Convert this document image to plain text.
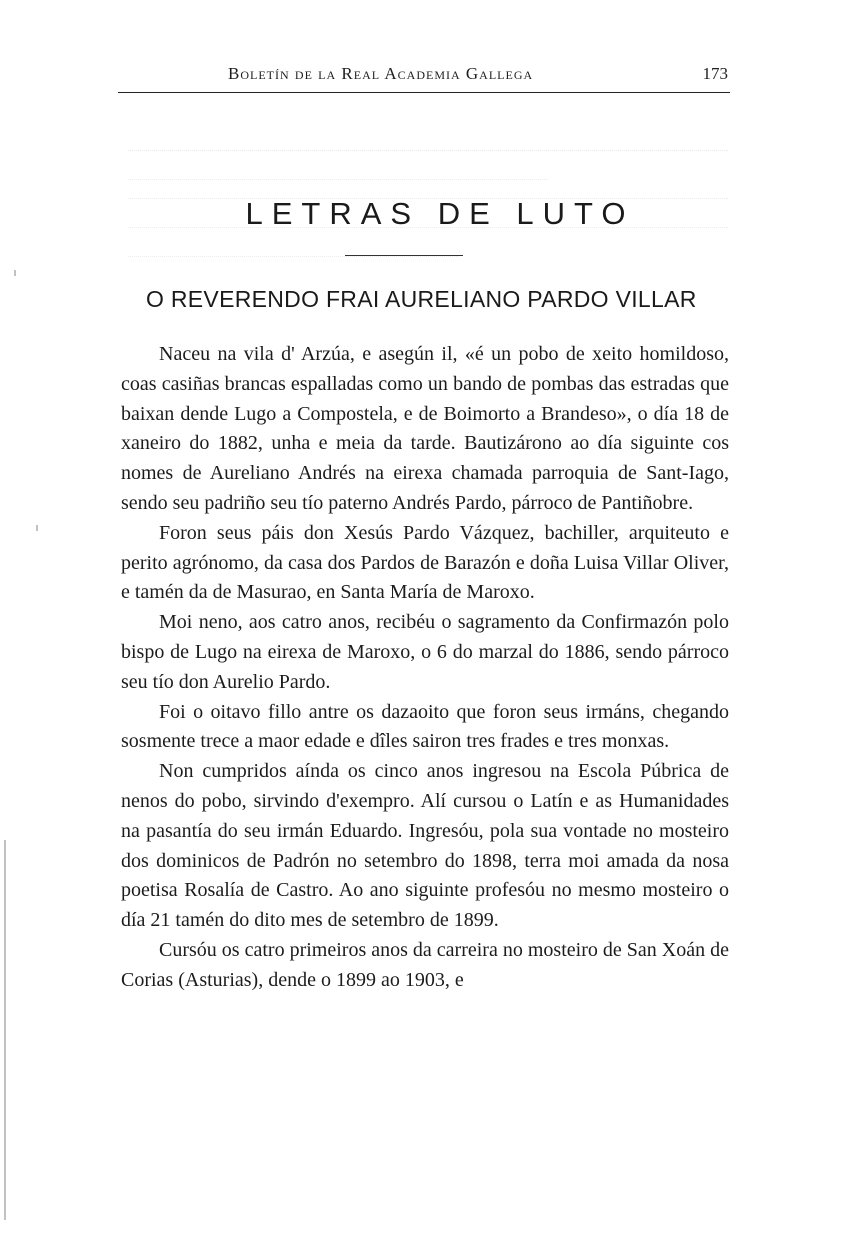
Boletín de la Real Academia Gallega	173
LETRAS DE LUTO
O REVERENDO FRAI AURELIANO PARDO VILLAR

Naceu na vila d' Arzúa, e asegún il, «é un pobo de xeito homildoso, coas casiñas brancas espalladas como un bando de pombas das estradas que baixan dende Lugo a Compostela, e de Boimorto a Brandeso», o día 18 de xaneiro do 1882, unha e meia da tarde. Bautizárono ao día siguinte cos nomes de Aureliano Andrés na eirexa chamada parroquia de Sant-Iago, sendo seu padriño seu tío paterno Andrés Pardo, párroco de Pantiñobre.

Foron seus páis don Xesús Pardo Vázquez, bachiller, arquiteuto e perito agrónomo, da casa dos Pardos de Barazón e doña Luisa Villar Oliver, e tamén da de Masurao, en Santa María de Maroxo.

Moi neno, aos catro anos, recibéu o sagramento da Confirmazón polo bispo de Lugo na eirexa de Maroxo, o 6 do marzal do 1886, sendo párroco seu tío don Aurelio Pardo.

Foi o oitavo fillo antre os dazaoito que foron seus irmáns, chegando sosmente trece a maor edade e dîles sairon tres frades e tres monxas.

Non cumpridos aínda os cinco anos ingresou na Escola Púbrica de nenos do pobo, sirvindo d'exempro. Alí cursou o Latín e as Humanidades na pasantía do seu irmán Eduardo. Ingresóu, pola sua vontade no mosteiro dos dominicos de Padrón no setembro do 1898, terra moi amada da nosa poetisa Rosalía de Castro. Ao ano siguinte profesóu no mesmo mosteiro o día 21 tamén do dito mes de setembro de 1899.

Cursóu os catro primeiros anos da carreira no mosteiro de San Xoán de Corias (Asturias), dende o 1899 ao 1903, e
